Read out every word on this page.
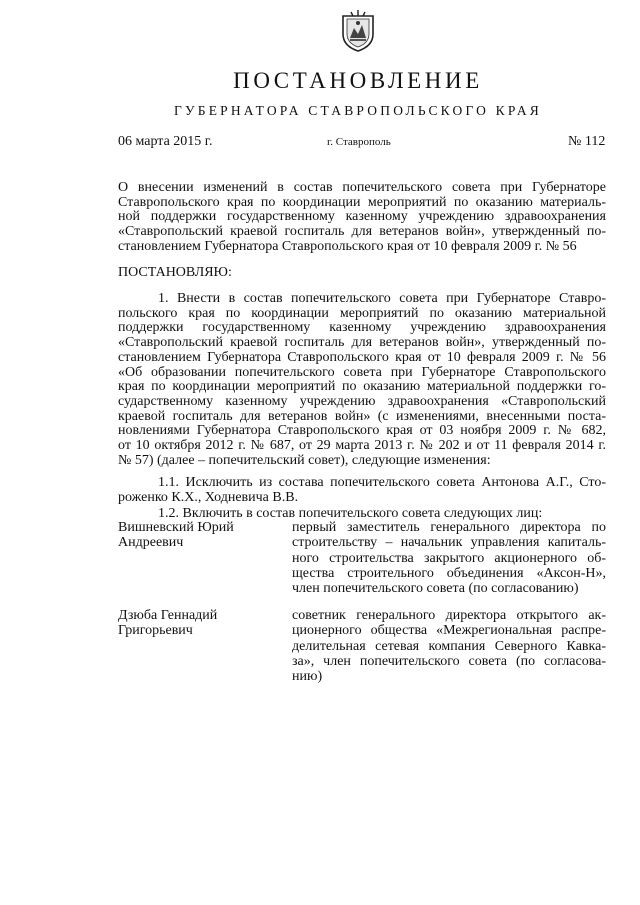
ПОСТАНОВЛЕНИЕ
ГУБЕРНАТОРА СТАВРОПОЛЬСКОГО КРАЯ
06 марта 2015 г.	г. Ставрополь	№ 112
О внесении изменений в состав попечительского совета при Губернаторе
Ставропольского края по координации мероприятий по оказанию материаль-
ной поддержки государственному казенному учреждению здравоохранения
«Ставропольский краевой госпиталь для ветеранов войн», утвержденный по-
становлением Губернатора Ставропольского края от 10 февраля 2009 г. № 56
ПОСТАНОВЛЯЮ:
1. Внести в состав попечительского совета при Губернаторе Ставро-
польского края по координации мероприятий по оказанию материальной
поддержки государственному казенному учреждению здравоохранения
«Ставропольский краевой госпиталь для ветеранов войн», утвержденный по-
становлением Губернатора Ставропольского края от 10 февраля 2009 г. № 56
«Об образовании попечительского совета при Губернаторе Ставропольского
края по координации мероприятий по оказанию материальной поддержки го-
сударственному казенному учреждению здравоохранения «Ставропольский
краевой госпиталь для ветеранов войн» (с изменениями, внесенными поста-
новлениями Губернатора Ставропольского края от 03 ноября 2009 г. № 682,
от 10 октября 2012 г. № 687, от 29 марта 2013 г. № 202 и от 11 февраля 2014 г.
№ 57) (далее – попечительский совет), следующие изменения:
1.1. Исключить из состава попечительского совета Антонова А.Г., Сто-
роженко К.Х., Ходневича В.В.
1.2. Включить в состав попечительского совета следующих лиц:
Вишневский Юрий
Андреевич
первый заместитель генерального директора по
строительству – начальник управления капиталь-
ного строительства закрытого акционерного об-
щества строительного объединения «Аксон-Н»,
член попечительского совета (по согласованию)
Дзюба Геннадий
Григорьевич
советник генерального директора открытого ак-
ционерного общества «Межрегиональная распре-
делительная сетевая компания Северного Кавка-
за», член попечительского совета (по согласова-
нию)
